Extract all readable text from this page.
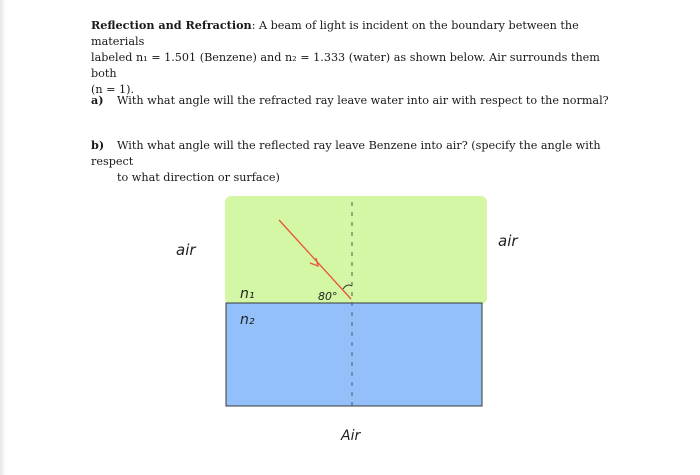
Reflection and Refraction: A beam of light is incident on the boundary between the materials
labeled n₁ = 1.501 (Benzene) and n₂ = 1.333 (water) as shown below. Air surrounds them both
(n = 1).

a) With what angle will the refracted ray leave water into air with respect to the normal?

b) With what angle will the reflected ray leave Benzene into air? (specify the angle with respect
to what direction or surface)

air	air
Air
n₁
n₂
80°
